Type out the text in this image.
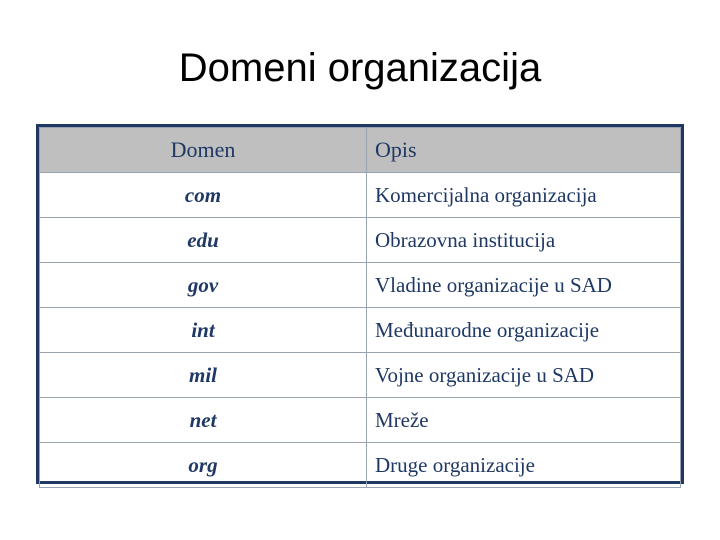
Domeni organizacija
Domen	Opis
com	Komercijalna organizacija
edu	Obrazovna institucija
gov	Vladine organizacije u SAD
int	Međunarodne organizacije
mil	Vojne organizacije u SAD
net	Mreže
org	Druge organizacije
